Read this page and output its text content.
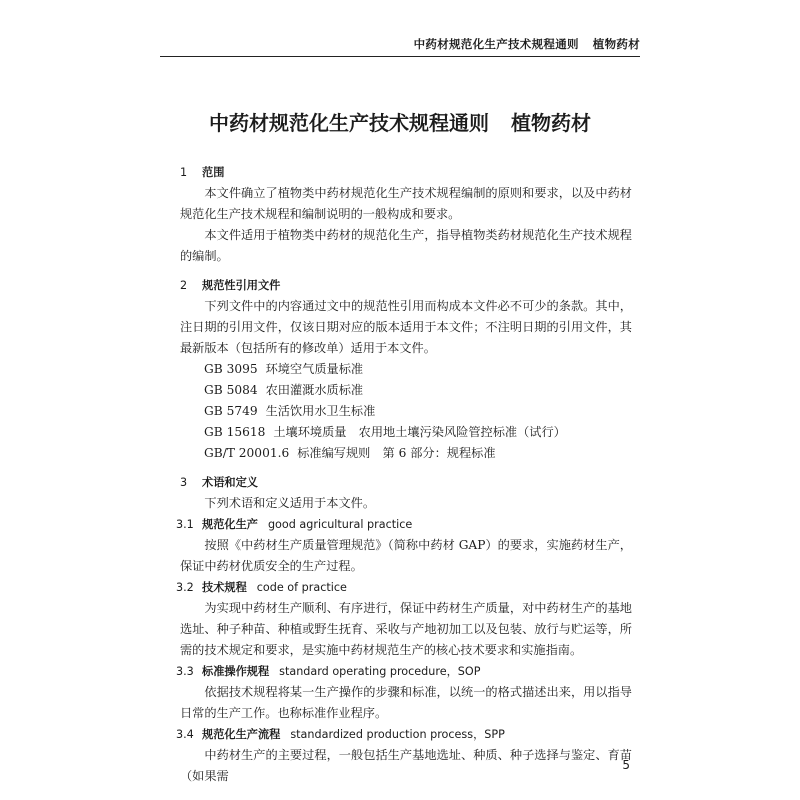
中药材规范化生产技术规程通则 植物药材
中药材规范化生产技术规程通则 植物药材

1 范围

本文件确立了植物类中药材规范化生产技术规程编制的原则和要求，以及中药材规范化生产技术规程和编制说明的一般构成和要求。

本文件适用于植物类中药材的规范化生产，指导植物类药材规范化生产技术规程的编制。

2 规范性引用文件

下列文件中的内容通过文中的规范性引用而构成本文件必不可少的条款。其中，注日期的引用文件，仅该日期对应的版本适用于本文件；不注明日期的引用文件，其最新版本（包括所有的修改单）适用于本文件。

GB 3095 环境空气质量标准

GB 5084 农田灌溉水质标准

GB 5749 生活饮用水卫生标准

GB 15618 土壤环境质量　农用地土壤污染风险管控标准（试行）

GB/T 20001.6 标准编写规则　第 6 部分：规程标准

3 术语和定义

下列术语和定义适用于本文件。

3.1 规范化生产 good agricultural practice

按照《中药材生产质量管理规范》（简称中药材 GAP）的要求，实施药材生产，保证中药材优质安全的生产过程。

3.2 技术规程 code of practice

为实现中药材生产顺利、有序进行，保证中药材生产质量，对中药材生产的基地选址、种子种苗、种植或野生抚育、采收与产地初加工以及包装、放行与贮运等，所需的技术规定和要求，是实施中药材规范生产的核心技术要求和实施指南。

3.3 标准操作规程 standard operating procedure，SOP

依据技术规程将某一生产操作的步骤和标准，以统一的格式描述出来，用以指导日常的生产工作。也称标准作业程序。

3.4 规范化生产流程 standardized production process，SPP

中药材生产的主要过程，一般包括生产基地选址、种质、种子选择与鉴定、育苗（如果需

5
